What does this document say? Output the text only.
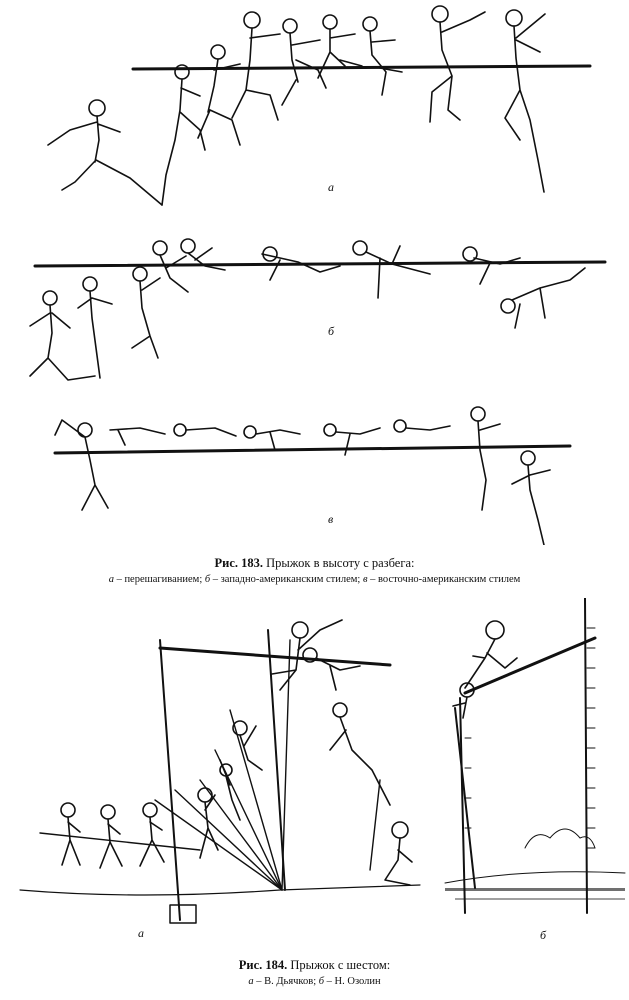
а
б
в
Рис. 183. Прыжок в высоту с разбега:
а – перешагиванием; б – западно-американским стилем; в – восточно-американским стилем
а	б
Рис. 184. Прыжок с шестом:
а – В. Дьячков; б – Н. Озолин
